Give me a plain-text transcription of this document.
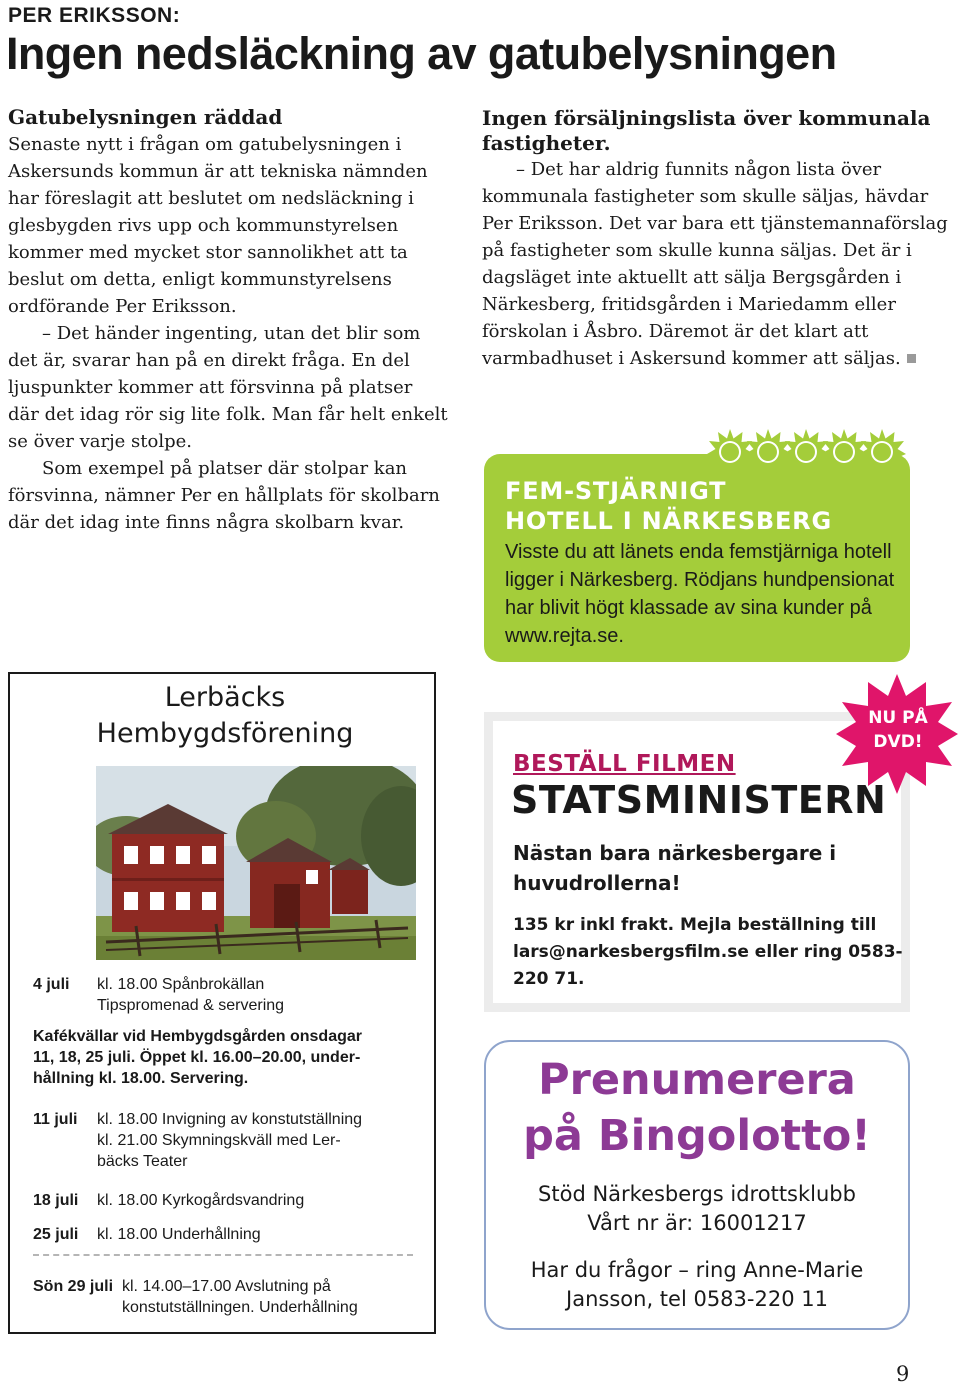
PER ERIKSSON:
Ingen nedsläckning av gatubelysningen

Gatubelysningen räddad

Senaste nytt i frågan om gatubelysningen i Askersunds kommun är att tekniska nämnden har föreslagit att beslutet om nedsläckning i glesbygden rivs upp och kommunstyrelsen kommer med mycket stor sannolikhet att ta beslut om detta, enligt kommunstyrelsens ordförande Per Eriksson.

– Det händer ingenting, utan det blir som det är, svarar han på en direkt fråga. En del ljuspunkter kommer att försvinna på platser där det idag rör sig lite folk. Man får helt enkelt se över varje stolpe.

Som exempel på platser där stolpar kan försvinna, nämner Per en hållplats för skolbarn där det idag inte finns några skolbarn kvar.

Ingen försäljningslista över kommunala fastigheter.

– Det har aldrig funnits någon lista över kommunala fastigheter som skulle säljas, hävdar Per Eriksson. Det var bara ett tjänstemannaförslag på fastigheter som skulle kunna säljas. Det är i dagsläget inte aktuellt att sälja Bergsgården i Närkesberg, fritidsgården i Mariedamm eller förskolan i Åsbro. Däremot är det klart att varmbadhuset i Askersund kommer att säljas.

FEM-STJÄRNIGT
HOTELL I NÄRKESBERG
Visste du att länets enda femstjärniga hotell ligger i Närkesberg. Rödjans hundpensionat har blivit högt klassade av sina kunder på www.rejta.se.
Lerbäcks
Hembygdsförening
4 juli kl. 18.00 Spånbrokällan
Tipspromenad & servering
Kafékvällar vid Hembygdsgården onsdagar
11, 18, 25 juli. Öppet kl. 16.00–20.00, under-
hållning kl. 18.00. Servering.
11 juli kl. 18.00 Invigning av konstutställning
kl. 21.00 Skymningskväll med Ler-
bäcks Teater
18 juli kl. 18.00 Kyrkogårdsvandring
25 juli kl. 18.00 Underhållning
Sön 29 juli kl. 14.00–17.00 Avslutning på
konstutställningen. Underhållning
BESTÄLL FILMEN
STATSMINISTERN
Nästan bara närkesbergare i huvudrollerna!
135 kr inkl frakt. Mejla beställning till lars@narkesbergsfilm.se eller ring 0583-220 71.
NU PÅ
DVD!
Prenumerera
på Bingolotto!
Stöd Närkesbergs idrottsklubb
Vårt nr är: 16001217
Har du frågor – ring Anne-Marie
Jansson, tel 0583-220 11
9
